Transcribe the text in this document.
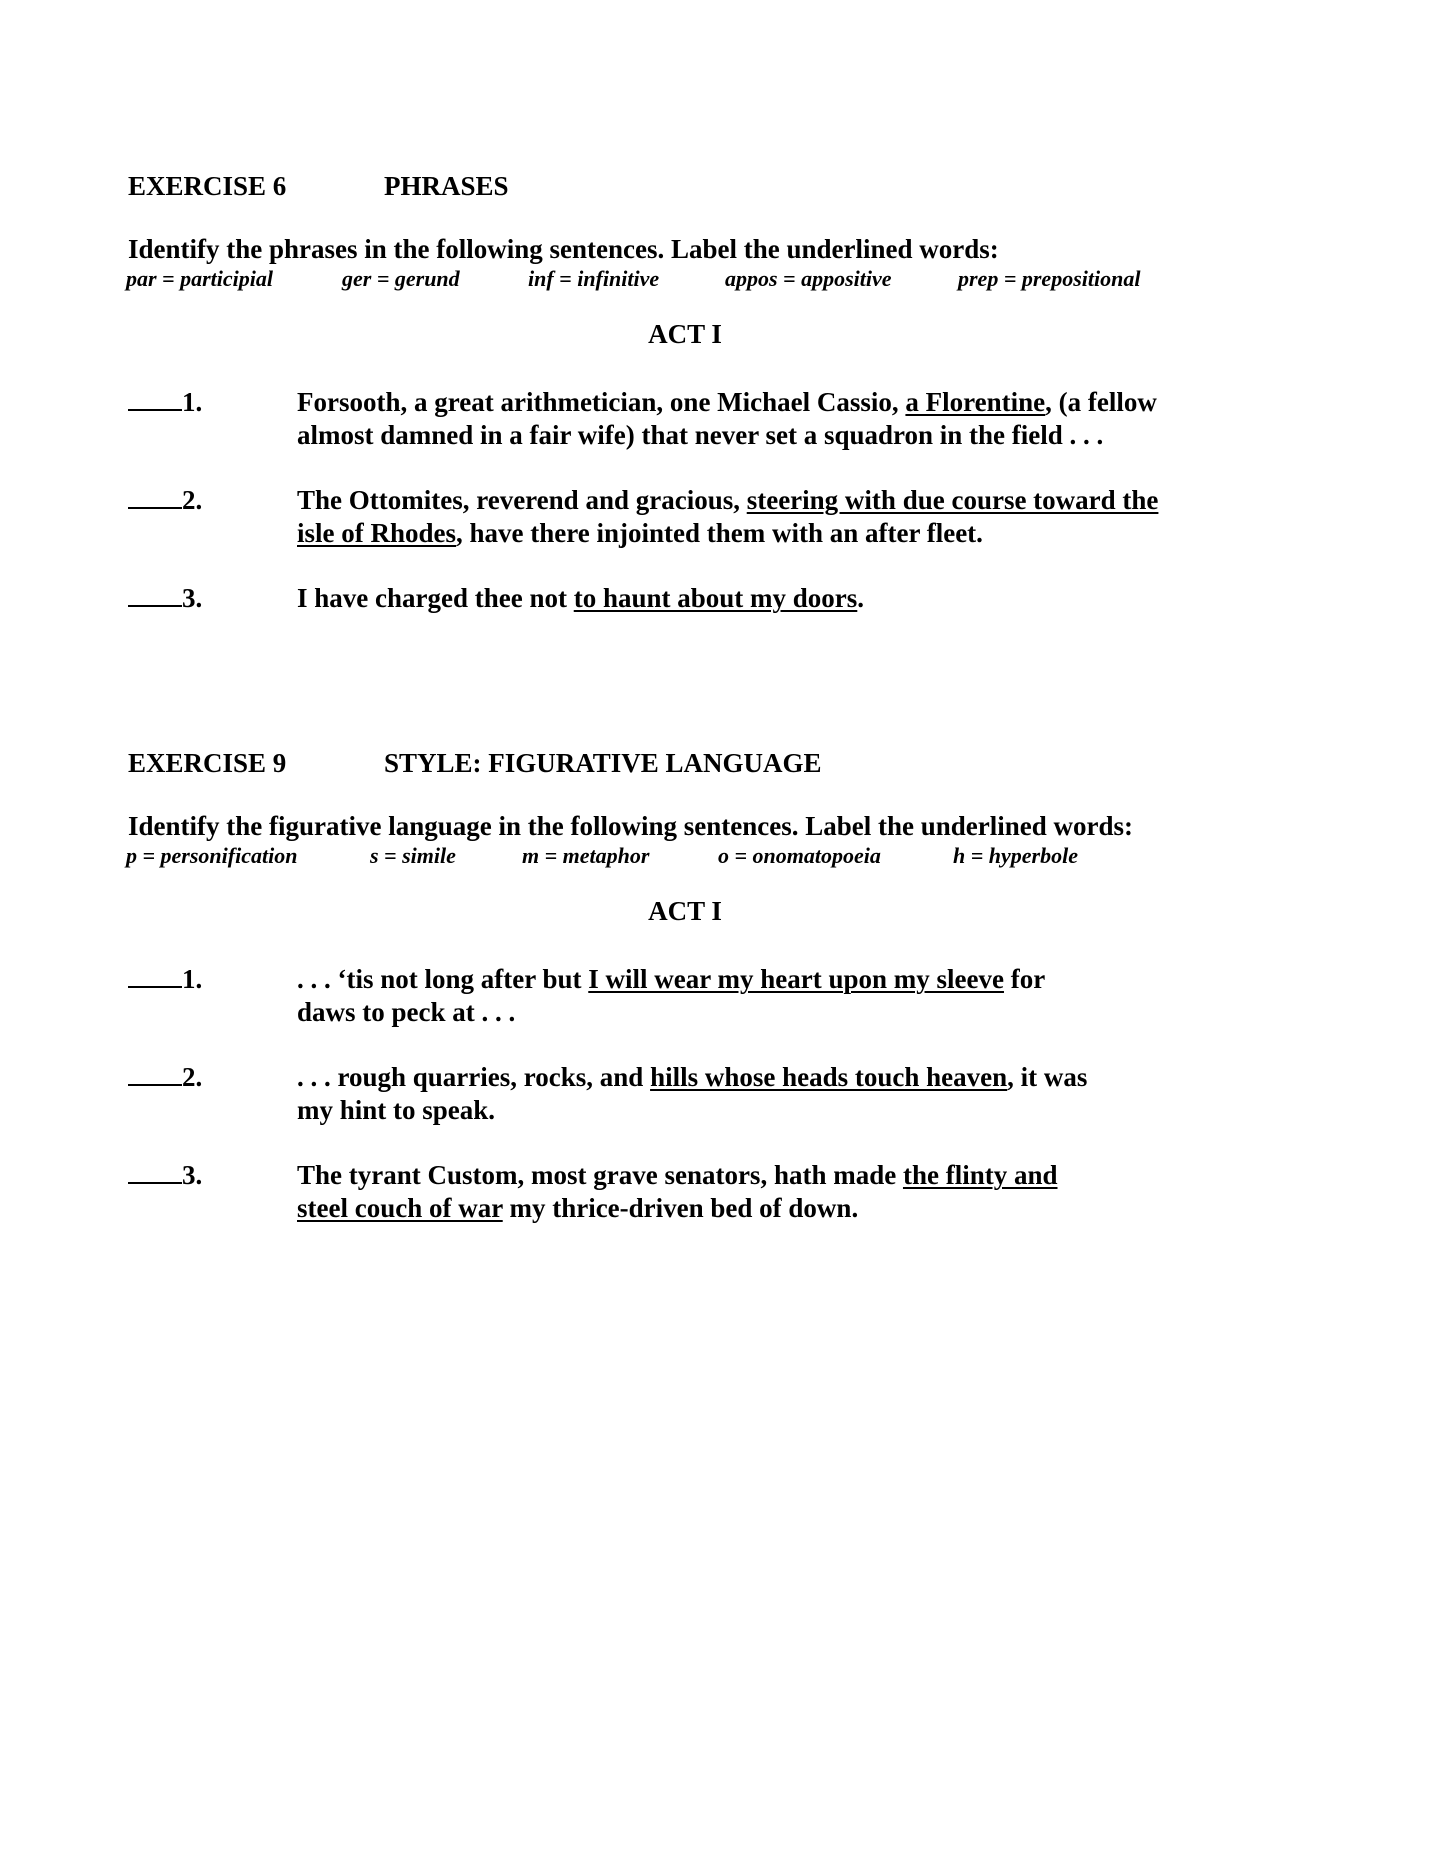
EXERCISE 6	PHRASES
Identify the phrases in the following sentences. Label the underlined words:
par = participial	ger = gerund	inf = infinitive	appos = appositive	prep = prepositional
ACT I
1.	Forsooth, a great arithmetician, one Michael Cassio, a Florentine, (a fellow
almost damned in a fair wife) that never set a squadron in the field . . .
2.	The Ottomites, reverend and gracious, steering with due course toward the
isle of Rhodes, have there injointed them with an after fleet.
3.	I have charged thee not to haunt about my doors.
EXERCISE 9	STYLE: FIGURATIVE LANGUAGE
Identify the figurative language in the following sentences. Label the underlined words:
p = personification	s = simile	m = metaphor	o = onomatopoeia	h = hyperbole
ACT I
1.	. . . ‘tis not long after but I will wear my heart upon my sleeve for
daws to peck at . . .
2.	. . . rough quarries, rocks, and hills whose heads touch heaven, it was
my hint to speak.
3.	The tyrant Custom, most grave senators, hath made the flinty and
steel couch of war my thrice-driven bed of down.
